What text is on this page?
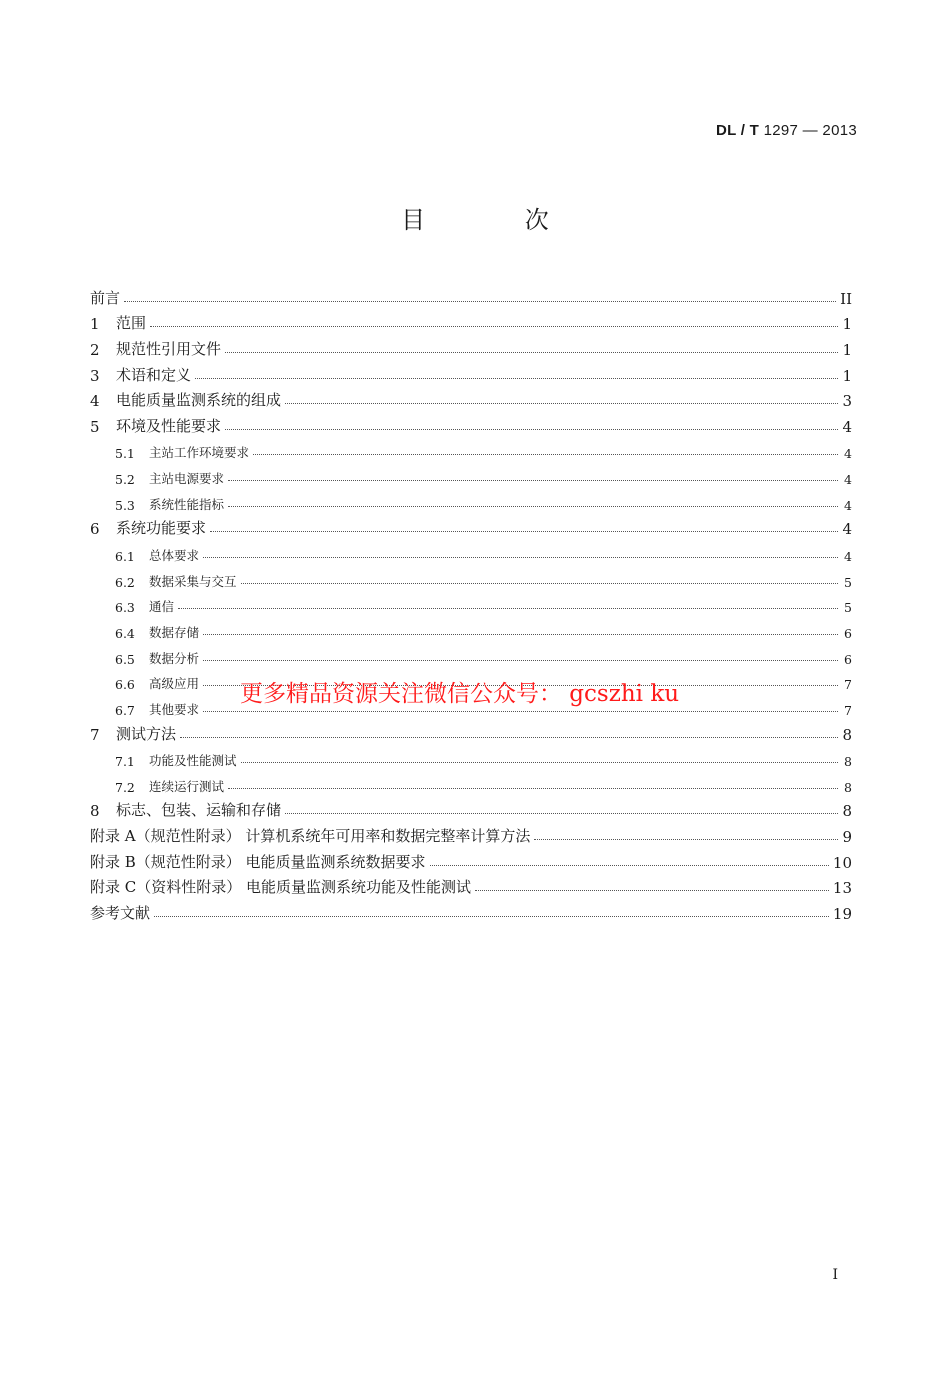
DL / T 1297 — 2013
目 次
前言	II
1	范围	1
2	规范性引用文件	1
3	术语和定义	1
4	电能质量监测系统的组成	3
5	环境及性能要求	4
5.1	主站工作环境要求	4
5.2	主站电源要求	4
5.3	系统性能指标	4
6	系统功能要求	4
6.1	总体要求	4
6.2	数据采集与交互	5
6.3	通信	5
6.4	数据存储	6
6.5	数据分析	6
6.6	高级应用	7
6.7	其他要求	7
7	测试方法	8
7.1	功能及性能测试	8
7.2	连续运行测试	8
8	标志、包装、运输和存储	8
附录 A（规范性附录） 计算机系统年可用率和数据完整率计算方法	9
附录 B（规范性附录） 电能质量监测系统数据要求	10
附录 C（资料性附录） 电能质量监测系统功能及性能测试	13
参考文献	19
更多精品资源关注微信公众号： gcszhi ku
I
